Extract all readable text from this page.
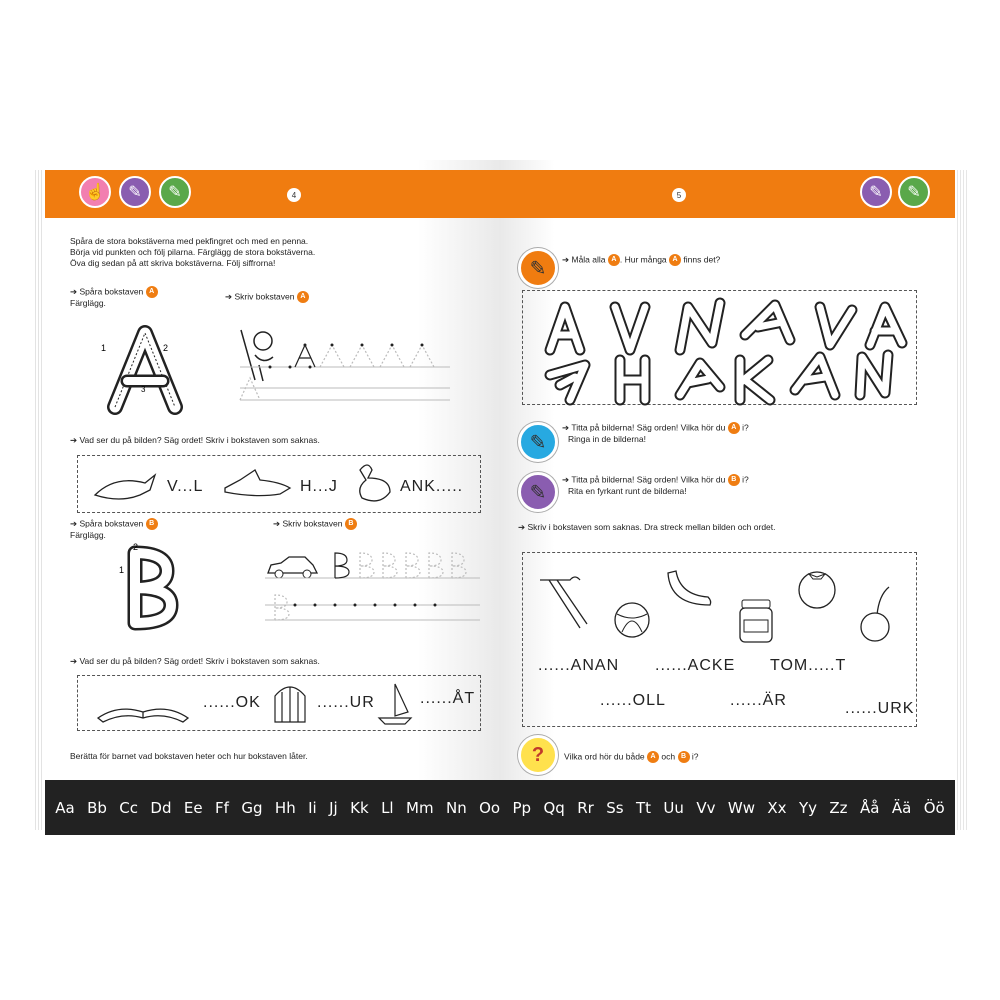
☝	✎	✎	4
Spåra de stora bokstäverna med pekfingret och med en penna.
Börja vid punkten och följ pilarna. Färglägg de stora bokstäverna.
Öva dig sedan på att skriva bokstäverna. Följ siffrorna!
➔ Spåra bokstaven A
Färglägg.
➔ Skriv bokstaven A
1	2
3
➔ Vad ser du på bilden? Säg ordet! Skriv i bokstaven som saknas.
V...L	H...J	ANK.....
➔ Spåra bokstaven B
Färglägg.
➔ Skriv bokstaven B
1
2
➔ Vad ser du på bilden? Säg ordet! Skriv i bokstaven som saknas.
......OK	......UR	......ÅT
Berätta för barnet vad bokstaven heter och hur bokstaven låter.
5	✎	✎
✎	➔ Måla alla A . Hur många A finns det?
✎
➔ Titta på bilderna! Säg orden! Vilka hör du A i?
Ringa in de bilderna!
✎
➔ Titta på bilderna! Säg orden! Vilka hör du B i?
Rita en fyrkant runt de bilderna!
➔ Skriv i bokstaven som saknas. Dra streck mellan bilden och ordet.
......ANAN ......ACKE TOM.....T
......OLL	......ÄR	......URK
?	Vilka ord hör du både A och B i?
Aa Bb Cc Dd Ee Ff Gg Hh Ii Jj Kk Ll Mm Nn Oo Pp Qq Rr Ss Tt Uu Vv Ww Xx Yy Zz Åå Ää Öö
